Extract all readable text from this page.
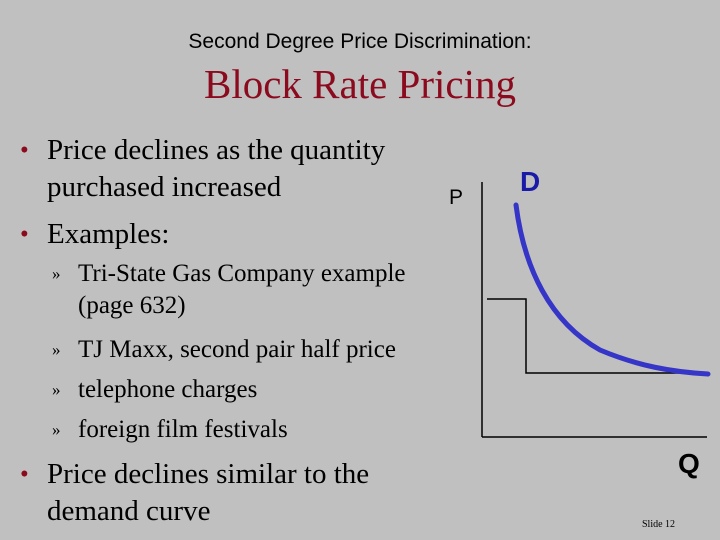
Second Degree Price Discrimination:
Block Rate Pricing
• Price declines as the quantity
purchased increased
• Examples:
» Tri-State Gas Company example
(page 632)
» TJ Maxx, second pair half price
» telephone charges
» foreign film festivals
• Price declines similar to the
demand curve
P
D
Q
Slide 12
